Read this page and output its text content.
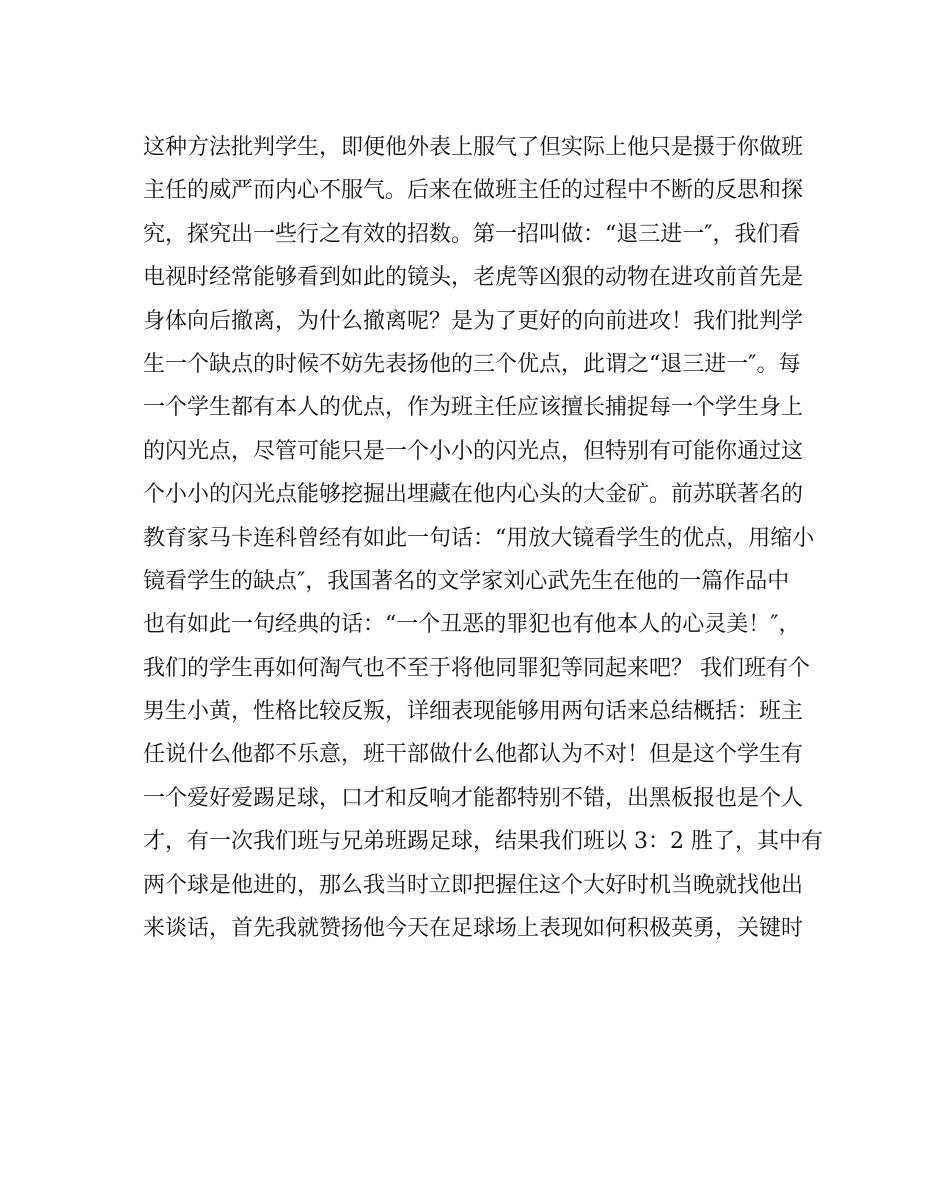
这种方法批判学生，即便他外表上服气了但实际上他只是摄于你做班
主任的威严而内心不服气。后来在做班主任的过程中不断的反思和探
究，探究出一些行之有效的招数。第一招叫做：“退三进一″，我们看
电视时经常能够看到如此的镜头，老虎等凶狠的动物在进攻前首先是
身体向后撤离，为什么撤离呢？是为了更好的向前进攻！我们批判学
生一个缺点的时候不妨先表扬他的三个优点，此谓之“退三进一″。每
一个学生都有本人的优点，作为班主任应该擅长捕捉每一个学生身上
的闪光点，尽管可能只是一个小小的闪光点，但特别有可能你通过这
个小小的闪光点能够挖掘出埋藏在他内心头的大金矿。前苏联著名的
教育家马卡连科曾经有如此一句话：“用放大镜看学生的优点，用缩小
镜看学生的缺点″，我国著名的文学家刘心武先生在他的一篇作品中
也有如此一句经典的话：“一个丑恶的罪犯也有他本人的心灵美！″，
我们的学生再如何淘气也不至于将他同罪犯等同起来吧？ 我们班有个
男生小黄，性格比较反叛，详细表现能够用两句话来总结概括：班主
任说什么他都不乐意，班干部做什么他都认为不对！但是这个学生有
一个爱好爱踢足球，口才和反响才能都特别不错，出黑板报也是个人
才，有一次我们班与兄弟班踢足球，结果我们班以 3：2 胜了，其中有
两个球是他进的，那么我当时立即把握住这个大好时机当晚就找他出
来谈话，首先我就赞扬他今天在足球场上表现如何积极英勇，关键时
